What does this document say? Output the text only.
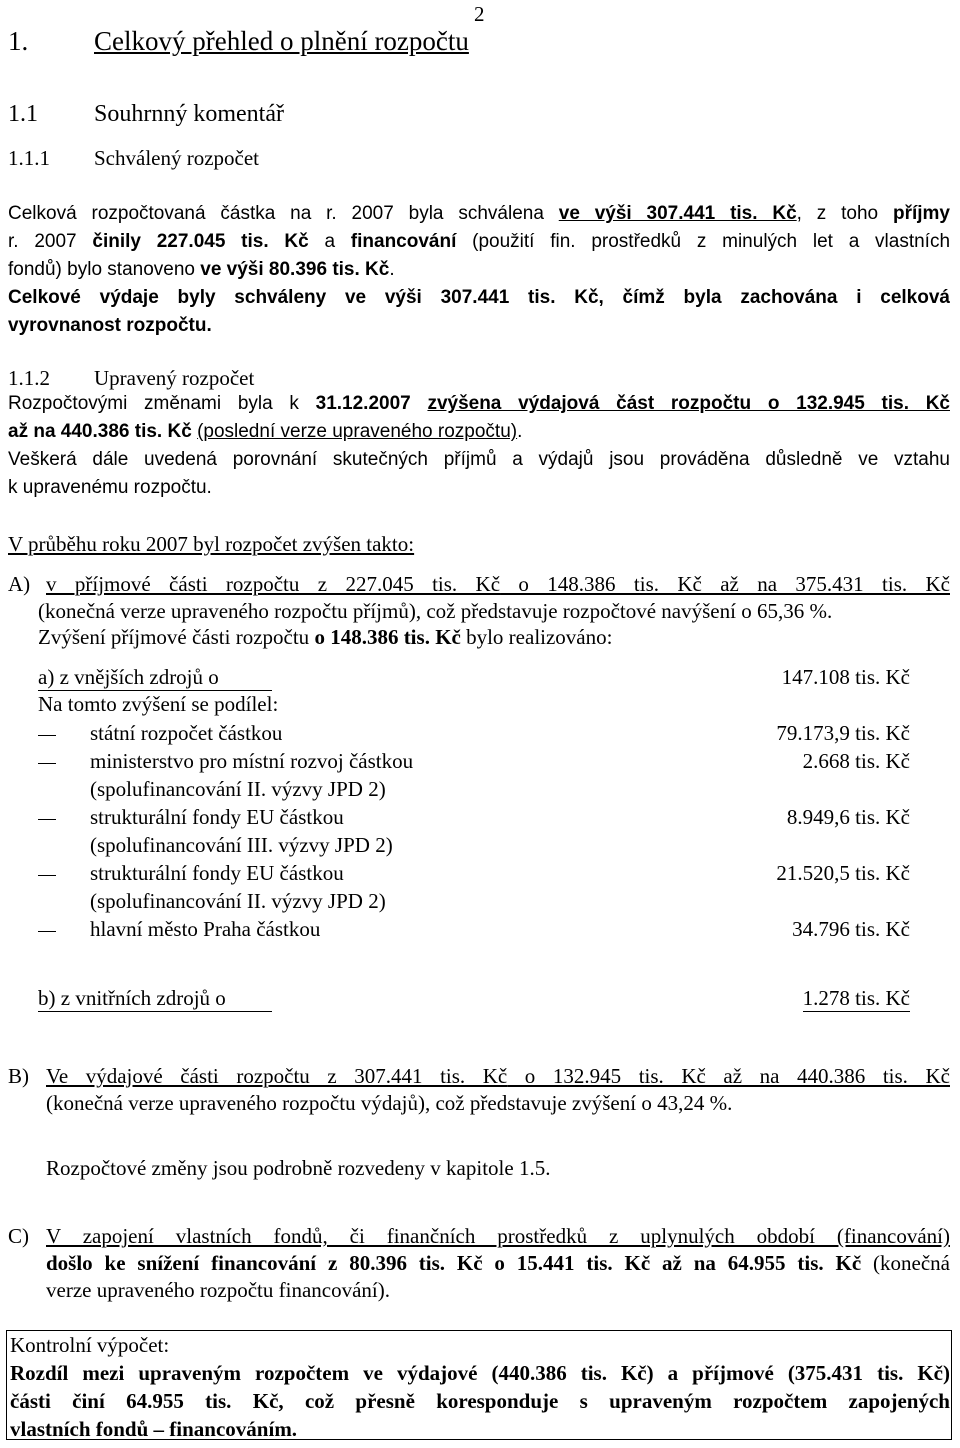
2
1. Celkový přehled o plnění rozpočtu
1.1 Souhrnný komentář
1.1.1 Schválený rozpočet
Celková rozpočtovaná částka na r. 2007 byla schválena ve výši 307.441 tis. Kč, z toho příjmy
r. 2007 činily 227.045 tis. Kč a financování (použití fin. prostředků z minulých let a vlastních
fondů) bylo stanoveno ve výši 80.396 tis. Kč.
Celkové výdaje byly schváleny ve výši 307.441 tis. Kč, čímž byla zachována i celková
vyrovnanost rozpočtu.
1.1.2 Upravený rozpočet
Rozpočtovými změnami byla k 31.12.2007 zvýšena výdajová část rozpočtu o 132.945 tis. Kč
až na 440.386 tis. Kč (poslední verze upraveného rozpočtu).
Veškerá dále uvedená porovnání skutečných příjmů a výdajů jsou prováděna důsledně ve vztahu
k upravenému rozpočtu.
V průběhu roku 2007 byl rozpočet zvýšen takto:
A) v příjmové části rozpočtu z 227.045 tis. Kč o 148.386 tis. Kč až na 375.431 tis. Kč
(konečná verze upraveného rozpočtu příjmů), což představuje rozpočtové navýšení o 65,36 %.
Zvýšení příjmové části rozpočtu o 148.386 tis. Kč bylo realizováno:
a) z vnějších zdrojů o	147.108 tis. Kč
Na tomto zvýšení se podílel:
státní rozpočet částkou	79.173,9 tis. Kč
ministerstvo pro místní rozvoj částkou	2.668 tis. Kč
(spolufinancování II. výzvy JPD 2)
strukturální fondy EU částkou	8.949,6 tis. Kč
(spolufinancování III. výzvy JPD 2)
strukturální fondy EU částkou	21.520,5 tis. Kč
(spolufinancování II. výzvy JPD 2)
hlavní město Praha částkou	34.796 tis. Kč
b) z vnitřních zdrojů o	1.278 tis. Kč
B) Ve výdajové části rozpočtu z 307.441 tis. Kč o 132.945 tis. Kč až na 440.386 tis. Kč
(konečná verze upraveného rozpočtu výdajů), což představuje zvýšení o 43,24 %.
Rozpočtové změny jsou podrobně rozvedeny v kapitole 1.5.
C) V zapojení vlastních fondů, či finančních prostředků z uplynulých období (financování)
došlo ke snížení financování z 80.396 tis. Kč o 15.441 tis. Kč až na 64.955 tis. Kč (konečná
verze upraveného rozpočtu financování).
Kontrolní výpočet:
Rozdíl mezi upraveným rozpočtem ve výdajové (440.386 tis. Kč) a příjmové (375.431 tis. Kč)
části činí 64.955 tis. Kč, což přesně koresponduje s upraveným rozpočtem zapojených
vlastních fondů – financováním.
